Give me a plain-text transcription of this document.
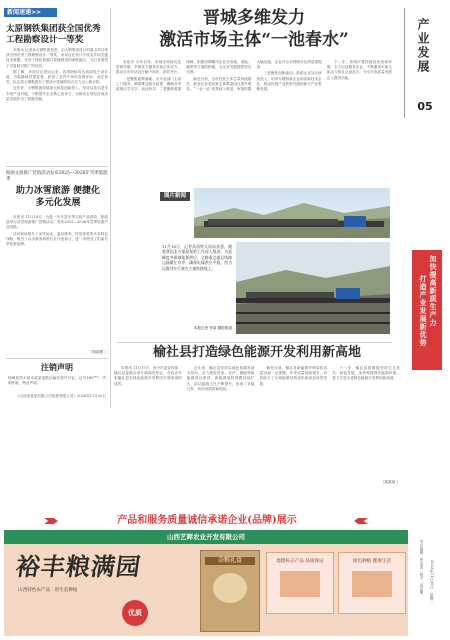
新闻速递>>
太原钢铁集团获全国优秀工程勘察设计一等奖

本报讯 记者从太钢集团获悉，由太钢集团设计的重点项目荣获全国优秀工程勘察设计一等奖。该项目在设计中攻克多项关键技术难题，实现了绿色低碳与智能制造的深度融合，为行业提供了可复制可推广的经验。

据了解，该项目自投运以来，各项指标均达到或优于设计值，节能降耗效果显著，获得了业内专家的高度评价。此次获奖，标志着太钢集团在工程设计领域的综合实力迈上新台阶。

近年来，太钢集团持续加大科技创新投入，坚持以技术进步引领产业升级，不断提升企业核心竞争力，为推动全省经济高质量发展作出了积极贡献。

阳曲文旅推广营销活动发布2025—2026年雪季旅游季
助力冰雪旅游 便捷化 多元化发展

本报讯 11月16日，为进一步丰富冬季文旅产品供给，阳曲县举行冰雪旅游推广营销活动，发布2025—2026年雪季旅游产品线路。

活动现场推介了冰雪运动、温泉康养、民俗体验等多条特色线路，吸引了众多游客和旅行社代表参与，进一步擦亮了阳曲冬季旅游品牌。

（阳曲报 ）
注销声明
杨峰获得太原市某某道路运输经营许可证，证号140***，声明作废，特此声明。
（山西省某某有限公司发展有限公司）2026年11月20日
晋城多维发力
激活市场主体“一池春水”

本报讯 今年以来，晋城市持续优化营商环境，多维发力激发市场主体活力，推动全市经济运行稳中向好、质效齐升。

一是聚焦政策落地，全市各部门主动上门服务，精准推送惠企政策，确保各项政策应享尽享、直达快享。二是聚焦要素保障，积极协调解决企业在用地、用能、融资等方面的困难，为企业发展提供坚实支撑。

截至目前，全市经营主体总量持续增长，新登记各类经营主体数量同比提升明显。“一业一证”改革深入推进，审批时限大幅压缩，企业开办全程网办比例显著提高。

三是聚焦创新驱动，鼓励企业加大研发投入，培育专精特新企业和高新技术企业，推动传统产业转型升级和新兴产业集聚发展。

下一步，晋城市将持续优化营商环境，全力以赴服务企业，不断激发市场主体活力和社会创造力，为全市高质量发展注入强劲动能。

图片新闻
11月16日，记者从国铁太原局获悉，随着我国北方煤炭保供工作深入推进，为迎峰度冬保障能源供应，全路重点煤运线路运输繁忙有序，确保电煤供应平稳。图为运煤列车行驶在大秦铁路线上。
本报记者 李某 摄影报道
榆社县打造绿色能源开发利用新高地

本报讯 11月17日，晋中市委宣传部、榆社县委联合举办新闻发布会，介绍近年来榆社县在绿色能源开发利用方面取得的成效。

近年来，榆社县坚持以绿色低碳发展为导向，全力推进风电、光伏、储能等新能源项目建设，新能源装机规模持续扩大，清洁能源占比不断提升，形成了多能互补、协同发展的新格局。

截至目前，榆社县新能源并网装机容量达到一定规模，年发电量持续增长，有效助力了区域能源结构优化和绿色转型发展。

下一步，榆社县将继续坚持生态优先、绿色发展，加快构建现代能源体系，着力打造全省绿色能源开发利用新高地。

（某某某 ）
产业发展
05
打造产业发展新优势 加快提高新质生产力
责任编辑：张冰清　校对：郑志刚 2023年11月20日　星期一
产品和服务质量诚信承诺企业(品牌)展示
山西艺晖农业开发有限公司
裕丰粮满园
山西特色农产品 · 原生态种植
优质
杂粮礼盒	地理标志产品 品质保证	绿色种植 健康生活
